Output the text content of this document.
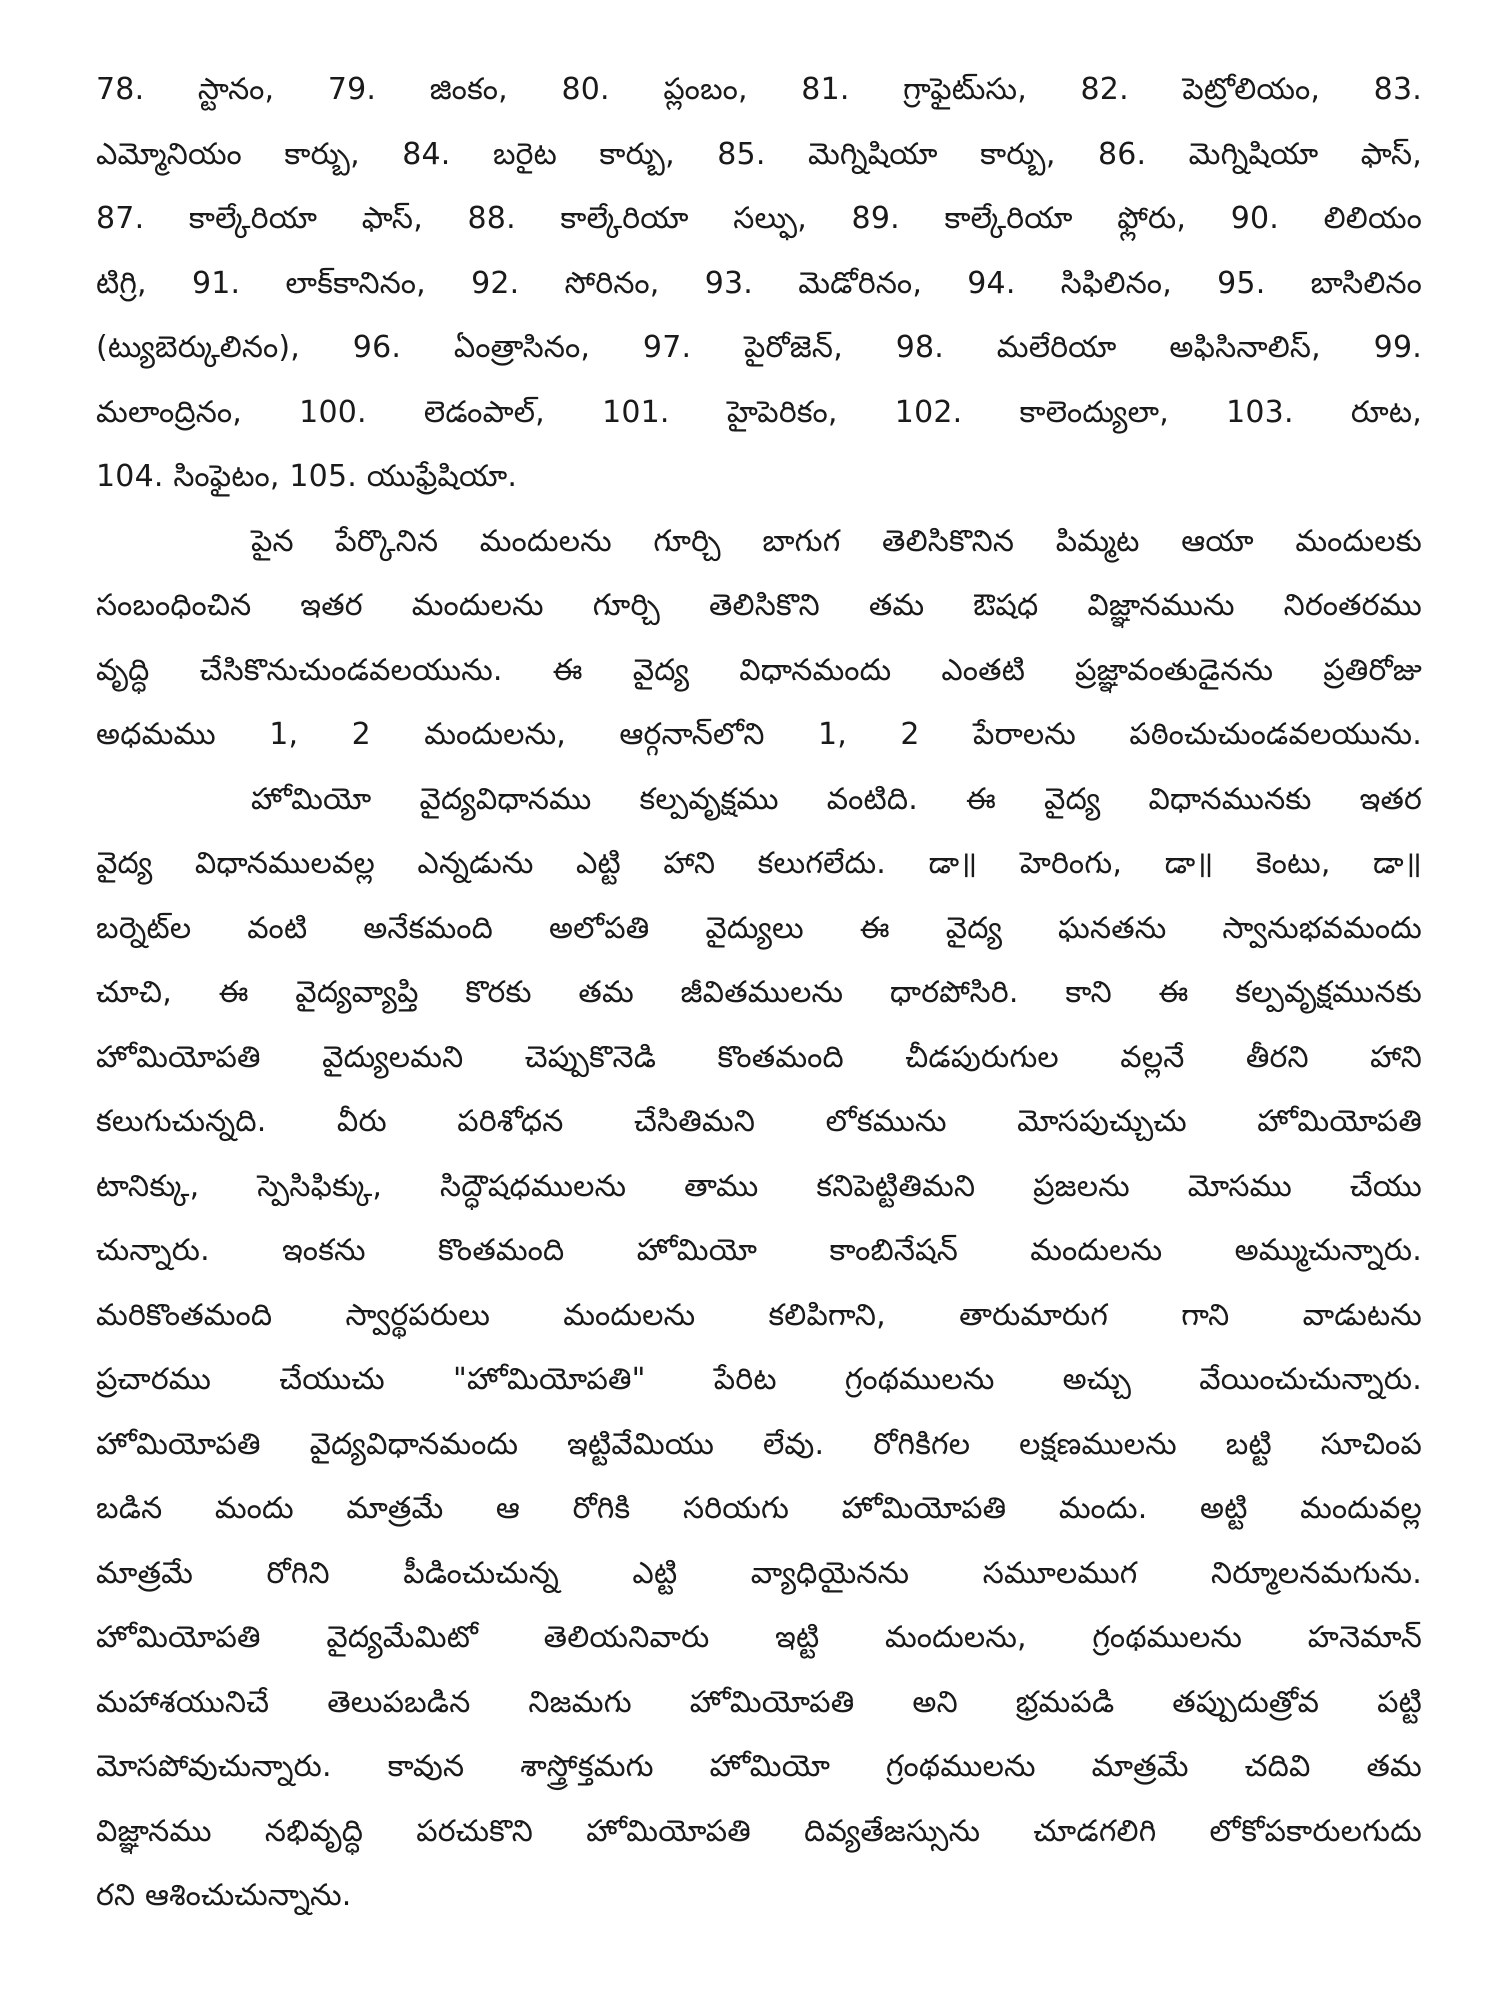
78. స్టానం, 79. జింకం, 80. ప్లంబం, 81. గ్రాఫైటు్సు, 82. పెట్రోలియం, 83.
ఎమ్మోనియం కార్బు, 84. బరైట కార్బు, 85. మెగ్నిషియా కార్బు, 86. మెగ్నిషియా ఫాస్,
87. కాల్కేరియా ఫాస్, 88. కాల్కేరియా సల్ఫు, 89. కాల్కేరియా ఫ్లోరు, 90. లిలియం
టిగ్రి, 91. లాక్‌కానినం, 92. సోరినం, 93. మెడోరినం, 94. సిఫిలినం, 95. బాసిలినం
(ట్యుబెర్కులినం), 96. ఏంత్రాసినం, 97. పైరోజెన్, 98. మలేరియా అఫిసినాలిస్, 99.
మలాంద్రినం, 100. లెడంపాల్, 101. హైపెరికం, 102. కాలెంద్యులా, 103. రూట,
104. సింఫైటం, 105. యుఫ్రేషియా.
పైన పేర్కొనిన మందులను గూర్చి బాగుగ తెలిసికొనిన పిమ్మట ఆయా మందులకు
సంబంధించిన ఇతర మందులను గూర్చి తెలిసికొని తమ ఔషధ విజ్ఞానమును నిరంతరము
వృద్ధి చేసికొనుచుండవలయును. ఈ వైద్య విధానమందు ఎంతటి ప్రజ్ఞావంతుడైనను ప్రతిరోజు
అధమము 1, 2 మందులను, ఆర్గనాన్‌లోని 1, 2 పేరాలను పఠించుచుండవలయును.
హోమియో వైద్యవిధానము కల్పవృక్షము వంటిది. ఈ వైద్య విధానమునకు ఇతర
వైద్య విధానములవల్ల ఎన్నడును ఎట్టి హాని కలుగలేదు. డా॥ హెరింగు, డా॥ కెంటు, డా॥
బర్నెట్‌ల వంటి అనేకమంది అలోపతి వైద్యులు ఈ వైద్య ఘనతను స్వానుభవమందు
చూచి, ఈ వైద్యవ్యాప్తి కొరకు తమ జీవితములను ధారపోసిరి. కాని ఈ కల్పవృక్షమునకు
హోమియోపతి వైద్యులమని చెప్పుకొనెడి కొంతమంది చీడపురుగుల వల్లనే తీరని హాని
కలుగుచున్నది. వీరు పరిశోధన చేసితిమని లోకమును మోసపుచ్చుచు హోమియోపతి
టానిక్కు, స్పెసిఫిక్కు, సిద్ధౌషధములను తాము కనిపెట్టితిమని ప్రజలను మోసము చేయు
చున్నారు. ఇంకను కొంతమంది హోమియో కాంబినేషన్ మందులను అమ్ముచున్నారు.
మరికొంతమంది స్వార్థపరులు మందులను కలిపిగాని, తారుమారుగ గాని వాడుటను
ప్రచారము చేయుచు "హోమియోపతి" పేరిట గ్రంథములను అచ్చు వేయించుచున్నారు.
హోమియోపతి వైద్యవిధానమందు ఇట్టివేమియు లేవు. రోగికిగల లక్షణములను బట్టి సూచింప
బడిన మందు మాత్రమే ఆ రోగికి సరియగు హోమియోపతి మందు. అట్టి మందువల్ల
మాత్రమే రోగిని పీడించుచున్న ఎట్టి వ్యాధియైనను సమూలముగ నిర్మూలనమగును.
హోమియోపతి వైద్యమేమిటో తెలియనివారు ఇట్టి మందులను, గ్రంథములను హనెమాన్
మహాశయునిచే తెలుపబడిన నిజమగు హోమియోపతి అని భ్రమపడి తప్పుదుత్రోవ పట్టి
మోసపోవుచున్నారు. కావున శాస్త్రోక్తమగు హోమియో గ్రంథములను మాత్రమే చదివి తమ
విజ్ఞానము నభివృద్ధి పరచుకొని హోమియోపతి దివ్యతేజస్సును చూడగలిగి లోకోపకారులగుదు
రని ఆశించుచున్నాను.
